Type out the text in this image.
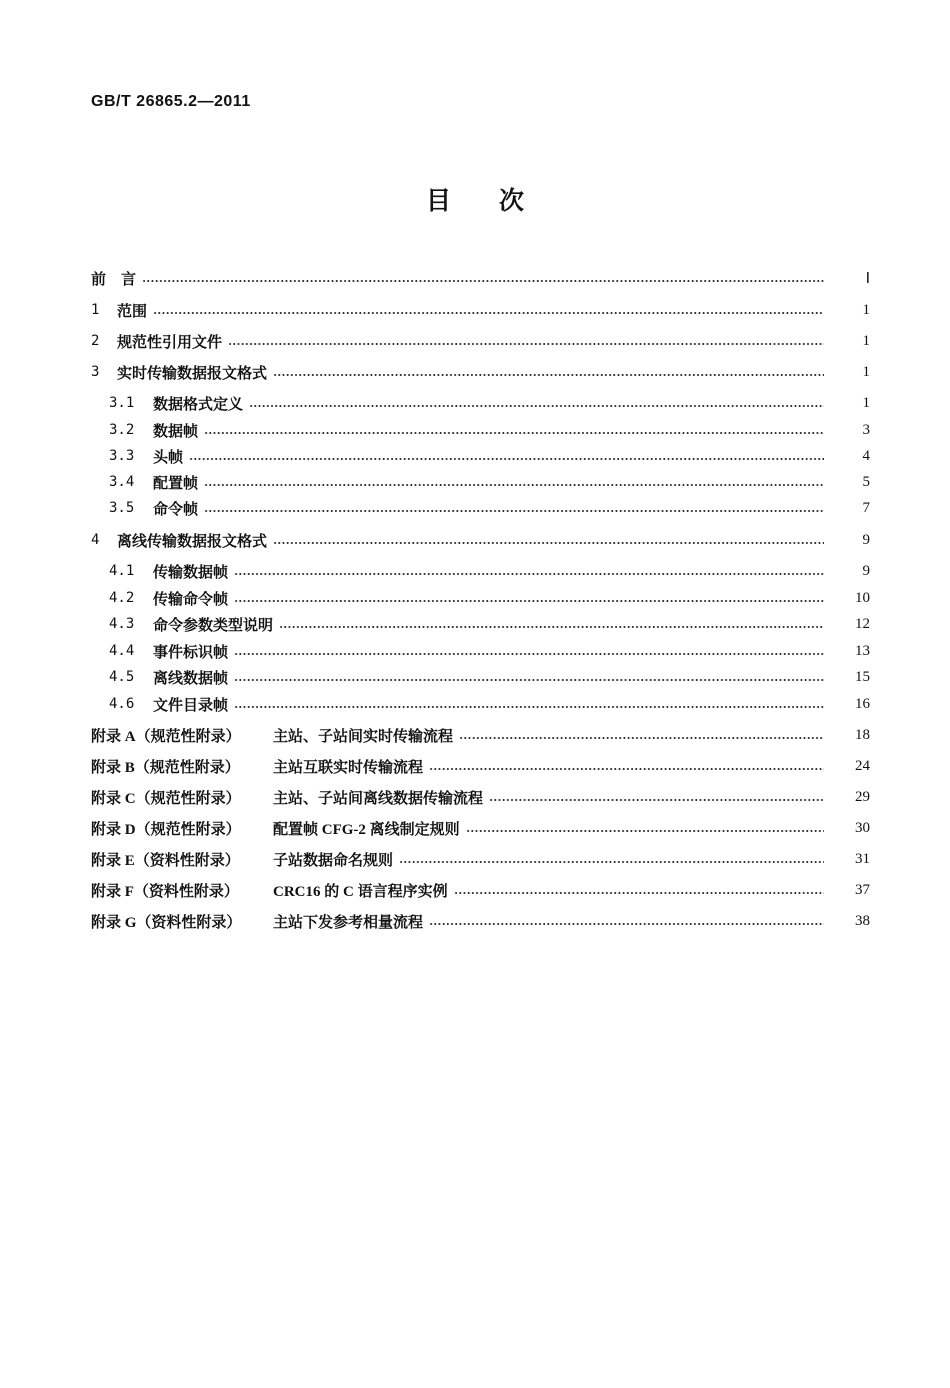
GB/T 26865.2—2011
目 次
前　言	Ⅰ
1	范围	1
2	规范性引用文件	1
3	实时传输数据报文格式	1
3.1	数据格式定义	1
3.2	数据帧	3
3.3	头帧	4
3.4	配置帧	5
3.5	命令帧	7
4	离线传输数据报文格式	9
4.1	传输数据帧	9
4.2	传输命令帧	10
4.3	命令参数类型说明	12
4.4	事件标识帧	13
4.5	离线数据帧	15
4.6	文件目录帧	16
附录 A（规范性附录）	主站、子站间实时传输流程	18
附录 B（规范性附录）	主站互联实时传输流程	24
附录 C（规范性附录）	主站、子站间离线数据传输流程	29
附录 D（规范性附录）	配置帧 CFG-2 离线制定规则	30
附录 E（资料性附录）	子站数据命名规则	31
附录 F（资料性附录）	CRC16 的 C 语言程序实例	37
附录 G（资料性附录）	主站下发参考相量流程	38
